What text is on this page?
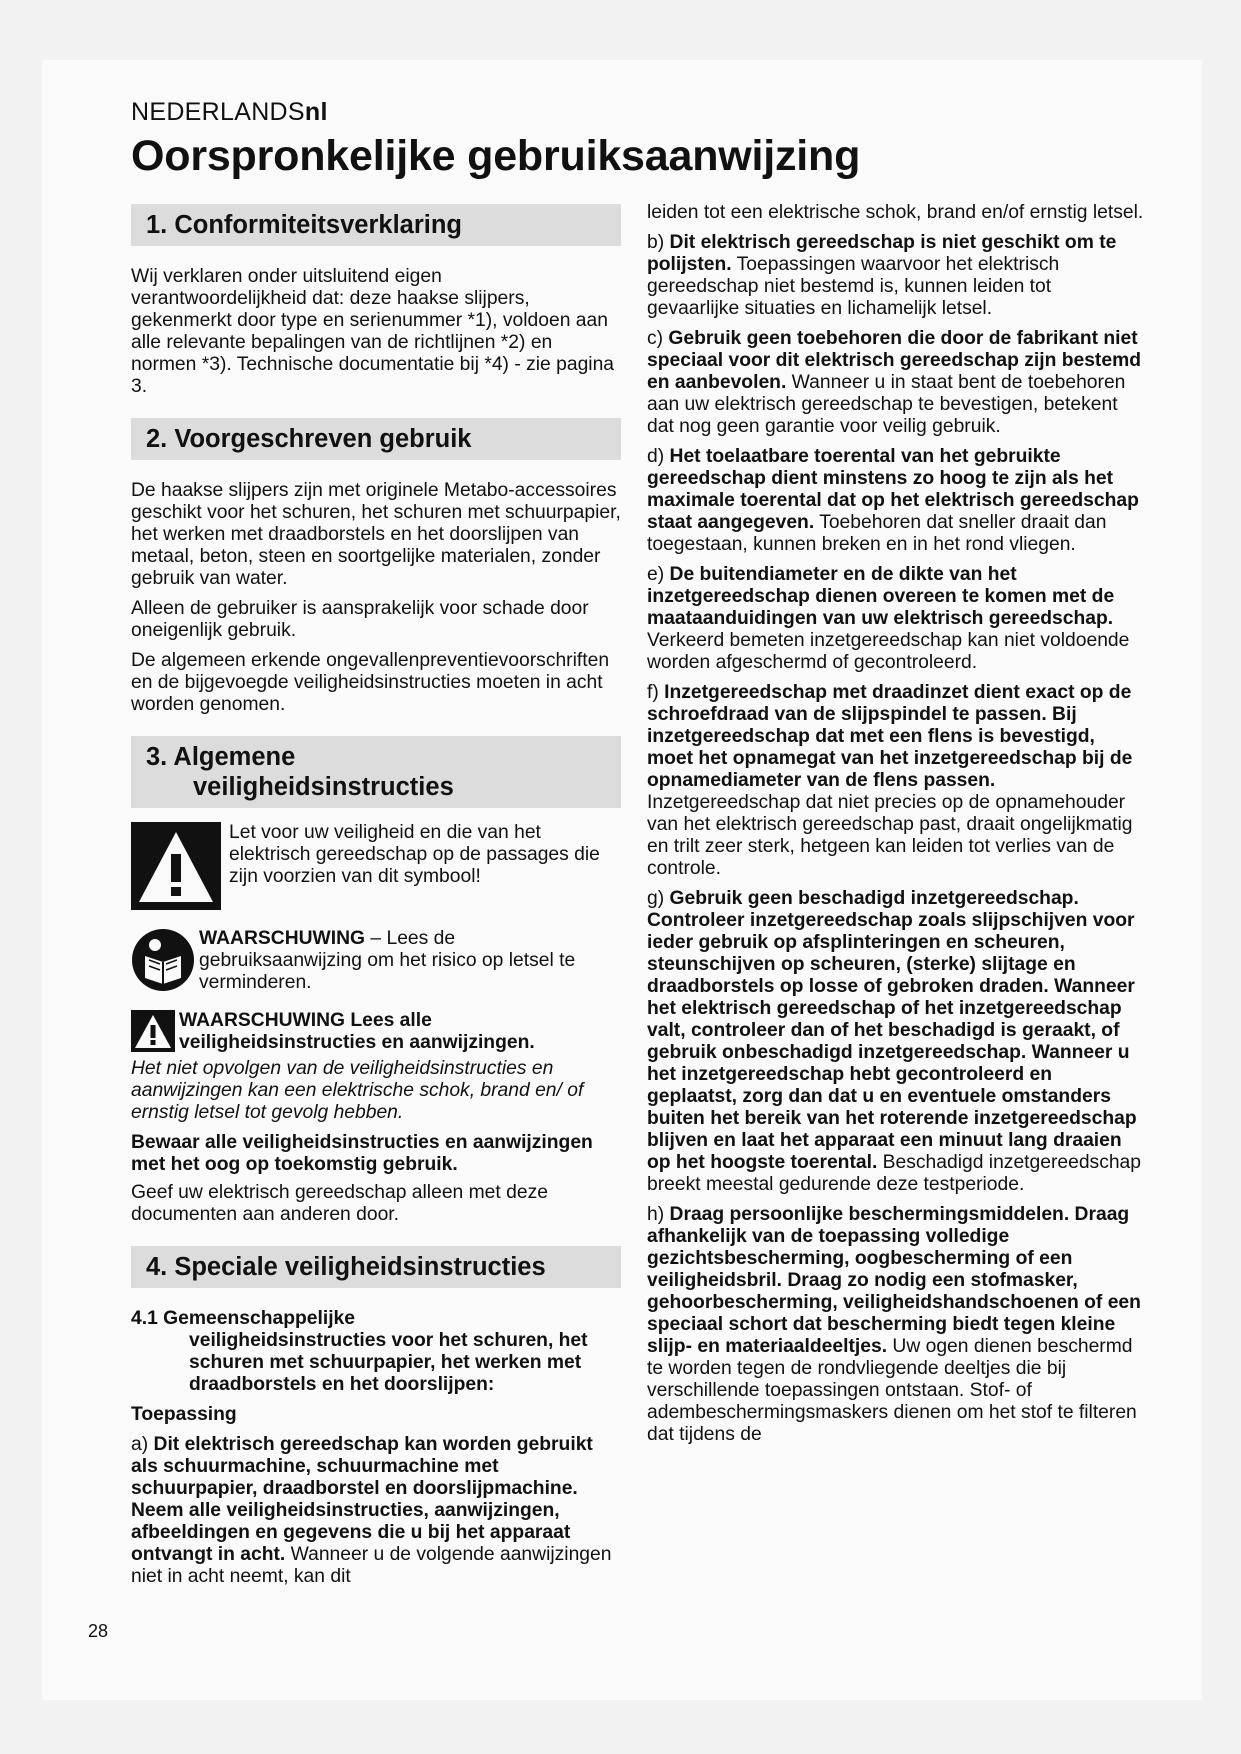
NEDERLANDSnl
Oorspronkelijke gebruiksaanwijzing
1. Conformiteitsverklaring

Wij verklaren onder uitsluitend eigen verantwoordelijkheid dat: deze haakse slijpers, gekenmerkt door type en serienummer *1), voldoen aan alle relevante bepalingen van de richtlijnen *2) en normen *3). Technische documentatie bij *4) - zie pagina 3.

2. Voorgeschreven gebruik

De haakse slijpers zijn met originele Metabo-accessoires geschikt voor het schuren, het schuren met schuurpapier, het werken met draadborstels en het doorslijpen van metaal, beton, steen en soortgelijke materialen, zonder gebruik van water.

Alleen de gebruiker is aansprakelijk voor schade door oneigenlijk gebruik.

De algemeen erkende ongevallenpreventievoorschriften en de bijgevoegde veiligheidsinstructies moeten in acht worden genomen.

3. Algemene
veiligheidsinstructies
Let voor uw veiligheid en die van het elektrisch gereedschap op de passages die zijn voorzien van dit symbool!
WAARSCHUWING – Lees de gebruiksaanwijzing om het risico op letsel te verminderen.
WAARSCHUWING Lees alle veiligheidsinstructies en aanwijzingen.

Het niet opvolgen van de veiligheidsinstructies en aanwijzingen kan een elektrische schok, brand en/ of ernstig letsel tot gevolg hebben.

Bewaar alle veiligheidsinstructies en aanwijzingen met het oog op toekomstig gebruik.

Geef uw elektrisch gereedschap alleen met deze documenten aan anderen door.

4. Speciale veiligheidsinstructies
4.1 Gemeenschappelijke
veiligheidsinstructies voor het schuren, het schuren met schuurpapier, het werken met draadborstels en het doorslijpen:

Toepassing

a) Dit elektrisch gereedschap kan worden gebruikt als schuurmachine, schuurmachine met schuurpapier, draadborstel en doorslijpmachine. Neem alle veiligheidsinstructies, aanwijzingen, afbeeldingen en gegevens die u bij het apparaat ontvangt in acht. Wanneer u de volgende aanwijzingen niet in acht neemt, kan dit

leiden tot een elektrische schok, brand en/of ernstig letsel.

b) Dit elektrisch gereedschap is niet geschikt om te polijsten. Toepassingen waarvoor het elektrisch gereedschap niet bestemd is, kunnen leiden tot gevaarlijke situaties en lichamelijk letsel.

c) Gebruik geen toebehoren die door de fabrikant niet speciaal voor dit elektrisch gereedschap zijn bestemd en aanbevolen. Wanneer u in staat bent de toebehoren aan uw elektrisch gereedschap te bevestigen, betekent dat nog geen garantie voor veilig gebruik.

d) Het toelaatbare toerental van het gebruikte gereedschap dient minstens zo hoog te zijn als het maximale toerental dat op het elektrisch gereedschap staat aangegeven. Toebehoren dat sneller draait dan toegestaan, kunnen breken en in het rond vliegen.

e) De buitendiameter en de dikte van het inzetgereedschap dienen overeen te komen met de maataanduidingen van uw elektrisch gereedschap. Verkeerd bemeten inzetgereedschap kan niet voldoende worden afgeschermd of gecontroleerd.

f) Inzetgereedschap met draadinzet dient exact op de schroefdraad van de slijpspindel te passen. Bij inzetgereedschap dat met een flens is bevestigd, moet het opnamegat van het inzetgereedschap bij de opnamediameter van de flens passen. Inzetgereedschap dat niet precies op de opnamehouder van het elektrisch gereedschap past, draait ongelijkmatig en trilt zeer sterk, hetgeen kan leiden tot verlies van de controle.

g) Gebruik geen beschadigd inzetgereedschap. Controleer inzetgereedschap zoals slijpschijven voor ieder gebruik op afsplinteringen en scheuren, steunschijven op scheuren, (sterke) slijtage en draadborstels op losse of gebroken draden. Wanneer het elektrisch gereedschap of het inzetgereedschap valt, controleer dan of het beschadigd is geraakt, of gebruik onbeschadigd inzetgereedschap. Wanneer u het inzetgereedschap hebt gecontroleerd en geplaatst, zorg dan dat u en eventuele omstanders buiten het bereik van het roterende inzetgereedschap blijven en laat het apparaat een minuut lang draaien op het hoogste toerental. Beschadigd inzetgereedschap breekt meestal gedurende deze testperiode.

h) Draag persoonlijke beschermingsmiddelen. Draag afhankelijk van de toepassing volledige gezichtsbescherming, oogbescherming of een veiligheidsbril. Draag zo nodig een stofmasker, gehoorbescherming, veiligheidshandschoenen of een speciaal schort dat bescherming biedt tegen kleine slijp- en materiaaldeeltjes. Uw ogen dienen beschermd te worden tegen de rondvliegende deeltjes die bij verschillende toepassingen ontstaan. Stof- of adembeschermingsmaskers dienen om het stof te filteren dat tijdens de

28
